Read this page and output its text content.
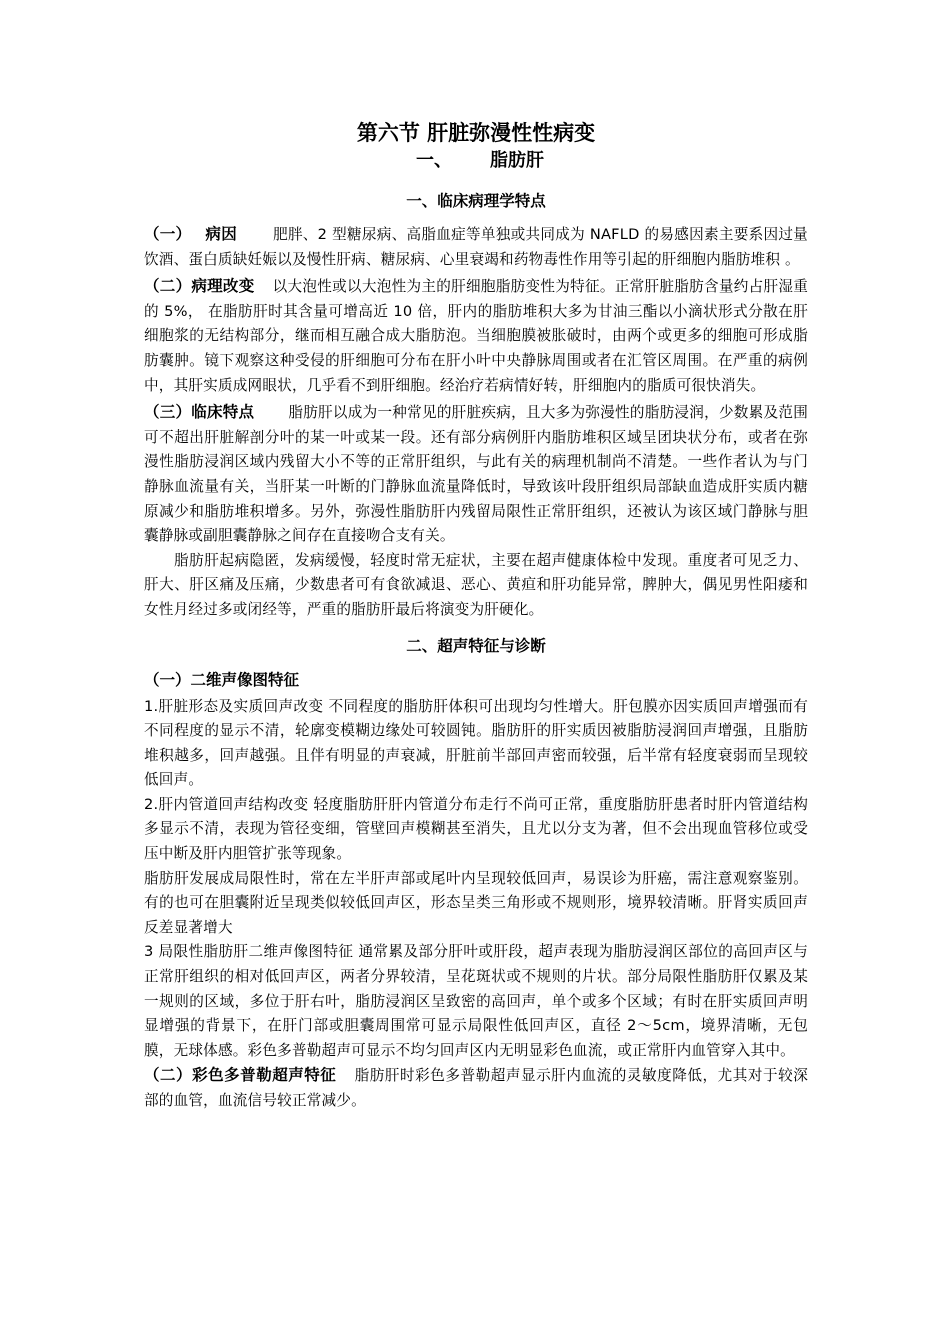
第六节 肝脏弥漫性性病变
一、 脂肪肝
一、临床病理学特点

（一） 病因 肥胖、2 型糖尿病、高脂血症等单独或共同成为 NAFLD 的易感因素主要系因过量饮酒、蛋白质缺妊娠以及慢性肝病、糖尿病、心里衰竭和药物毒性作用等引起的肝细胞内脂肪堆积 。

（二）病理改变 以大泡性或以大泡性为主的肝细胞脂肪变性为特征。正常肝脏脂肪含量约占肝湿重的 5%， 在脂肪肝时其含量可增高近 10 倍，肝内的脂肪堆积大多为甘油三酯以小滴状形式分散在肝细胞浆的无结构部分，继而相互融合成大脂肪泡。当细胞膜被胀破时，由两个或更多的细胞可形成脂肪囊肿。镜下观察这种受侵的肝细胞可分布在肝小叶中央静脉周围或者在汇管区周围。在严重的病例中，其肝实质成网眼状，几乎看不到肝细胞。经治疗若病情好转，肝细胞内的脂质可很快消失。

（三）临床特点 脂肪肝以成为一种常见的肝脏疾病，且大多为弥漫性的脂肪浸润，少数累及范围可不超出肝脏解剖分叶的某一叶或某一段。还有部分病例肝内脂肪堆积区域呈团块状分布，或者在弥漫性脂肪浸润区域内残留大小不等的正常肝组织，与此有关的病理机制尚不清楚。一些作者认为与门静脉血流量有关，当肝某一叶断的门静脉血流量降低时，导致该叶段肝组织局部缺血造成肝实质内糖原减少和脂肪堆积增多。另外，弥漫性脂肪肝内残留局限性正常肝组织，还被认为该区域门静脉与胆囊静脉或副胆囊静脉之间存在直接吻合支有关。

脂肪肝起病隐匿，发病缓慢，轻度时常无症状，主要在超声健康体检中发现。重度者可见乏力、肝大、肝区痛及压痛，少数患者可有食欲减退、恶心、黄疸和肝功能异常，脾肿大，偶见男性阳痿和女性月经过多或闭经等，严重的脂肪肝最后将演变为肝硬化。

二、超声特征与诊断
（一）二维声像图特征

1.肝脏形态及实质回声改变 不同程度的脂肪肝体积可出现均匀性增大。肝包膜亦因实质回声增强而有不同程度的显示不清，轮廓变模糊边缘处可较圆钝。脂肪肝的肝实质因被脂肪浸润回声增强，且脂肪堆积越多，回声越强。且伴有明显的声衰减，肝脏前半部回声密而较强，后半常有轻度衰弱而呈现较低回声。

2.肝内管道回声结构改变 轻度脂肪肝肝内管道分布走行不尚可正常，重度脂肪肝患者时肝内管道结构多显示不清，表现为管径变细，管壁回声模糊甚至消失，且尤以分支为著，但不会出现血管移位或受压中断及肝内胆管扩张等现象。

脂肪肝发展成局限性时，常在左半肝声部或尾叶内呈现较低回声，易误诊为肝癌，需注意观察鉴别。有的也可在胆囊附近呈现类似较低回声区，形态呈类三角形或不规则形，境界较清晰。肝肾实质回声反差显著增大

3 局限性脂肪肝二维声像图特征 通常累及部分肝叶或肝段，超声表现为脂肪浸润区部位的高回声区与正常肝组织的相对低回声区，两者分界较清，呈花斑状或不规则的片状。部分局限性脂肪肝仅累及某一规则的区域，多位于肝右叶，脂肪浸润区呈致密的高回声，单个或多个区域；有时在肝实质回声明显增强的背景下，在肝门部或胆囊周围常可显示局限性低回声区，直径 2～5cm，境界清晰，无包膜，无球体感。彩色多普勒超声可显示不均匀回声区内无明显彩色血流，或正常肝内血管穿入其中。

（二）彩色多普勒超声特征 脂肪肝时彩色多普勒超声显示肝内血流的灵敏度降低，尤其对于较深部的血管，血流信号较正常减少。
